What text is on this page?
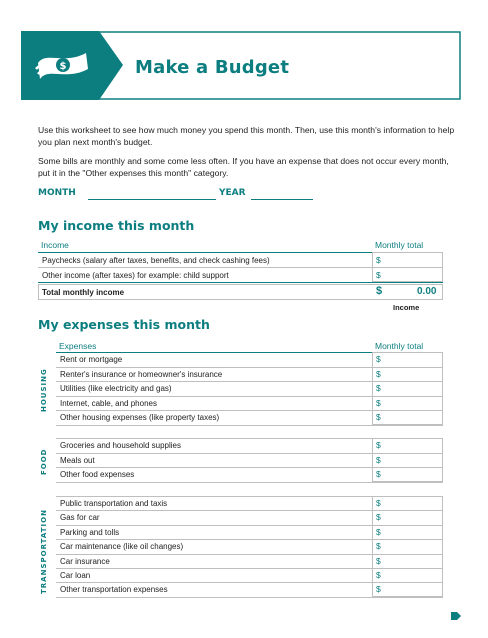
$	Make a Budget
Use this worksheet to see how much money you spend this month. Then, use this month's information to help you plan next month's budget.
Some bills are monthly and some come less often. If you have an expense that does not occur every month, put it in the "Other expenses this month" category.
MONTH	YEAR
My income this month
Income	Monthly total
Paychecks (salary after taxes, benefits, and check cashing fees)	$
Other income (after taxes) for example: child support	$
Total monthly income	$	0.00
Income
My expenses this month
Expenses	Monthly total
HOUSING
Rent or mortgage	$
Renter's insurance or homeowner's insurance	$
Utilities (like electricity and gas)	$
Internet, cable, and phones	$
Other housing expenses (like property taxes)	$
FOOD
Groceries and household supplies	$
Meals out	$
Other food expenses	$
TRANSPORTATION
Public transportation and taxis	$
Gas for car	$
Parking and tolls	$
Car maintenance (like oil changes)	$
Car insurance	$
Car loan	$
Other transportation expenses	$
